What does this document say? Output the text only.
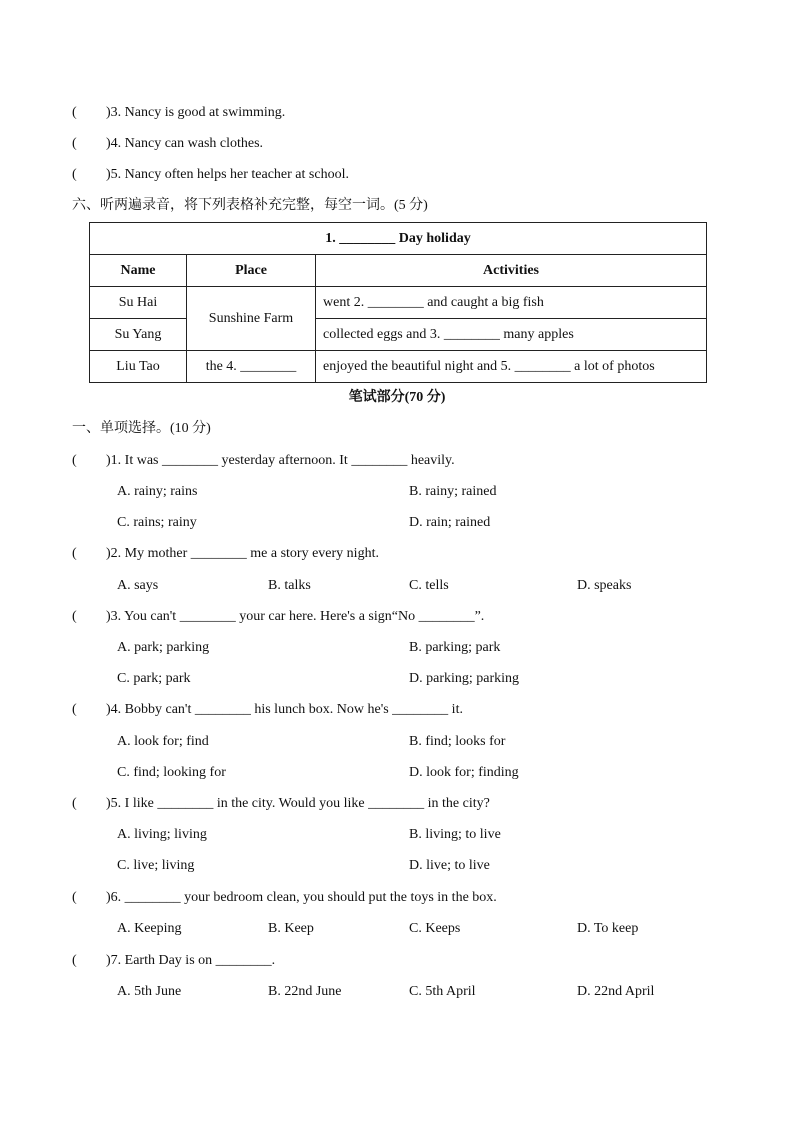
( )3. Nancy is good at swimming.
( )4. Nancy can wash clothes.
( )5. Nancy often helps her teacher at school.
六、听两遍录音，将下列表格补充完整，每空一词。(5 分)
1. ________ Day holiday		
Name	Place	Activities
Su Hai	Sunshine Farm	went 2. ________ and caught a big fish
Su Yang		collected eggs and 3. ________ many apples
Liu Tao	the 4. ________	enjoyed the beautiful night and 5. ________ a lot of photos
笔试部分(70 分)
一、单项选择。(10 分)
( )1. It was ________ yesterday afternoon. It ________ heavily.
A. rainy; rains	B. rainy; rained
C. rains; rainy	D. rain; rained
( )2. My mother ________ me a story every night.
A. says	B. talks	C. tells	D. speaks
( )3. You can't ________ your car here. Here's a sign“No ________”.
A. park; parking	B. parking; park
C. park; park	D. parking; parking
( )4. Bobby can't ________ his lunch box. Now he's ________ it.
A. look for; find	B. find; looks for
C. find; looking for	D. look for; finding
( )5. I like ________ in the city. Would you like ________ in the city?
A. living; living	B. living; to live
C. live; living	D. live; to live
( )6. ________ your bedroom clean, you should put the toys in the box.
A. Keeping	B. Keep	C. Keeps	D. To keep
( )7. Earth Day is on ________.
A. 5th June	B. 22nd June	C. 5th April	D. 22nd April
